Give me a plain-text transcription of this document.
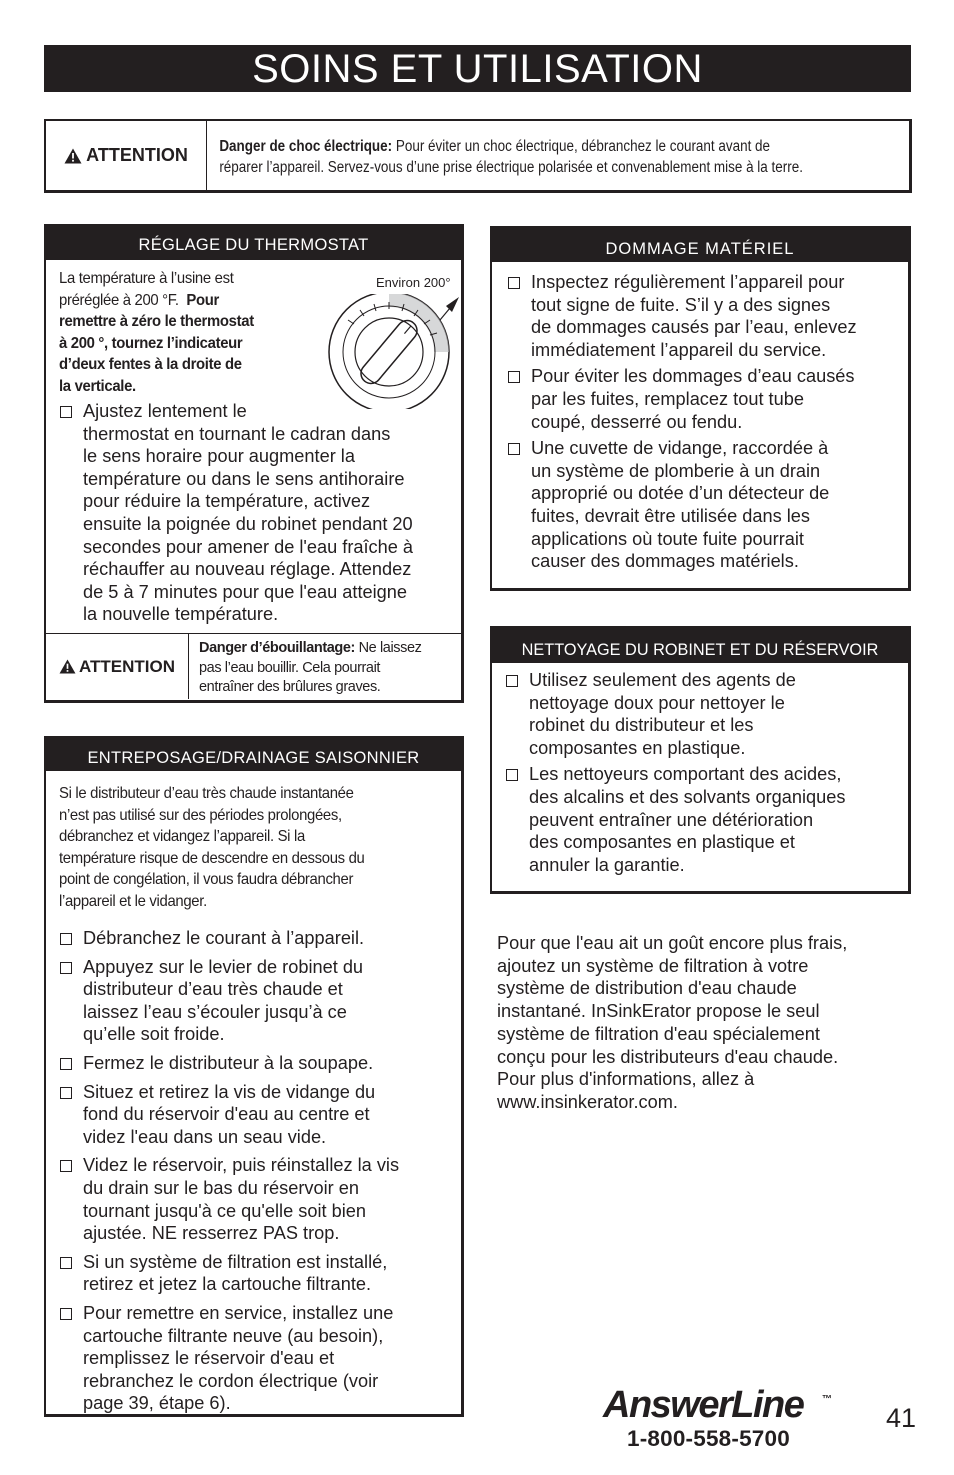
SOINS ET UTILISATION
ATTENTION	Danger de choc électrique: Pour éviter un choc électrique, débranchez le courant avant de réparer l’appareil. Servez-vous d’une prise électrique polarisée et convenablement mise à la terre.
RÉGLAGE DU THERMOSTAT
La température à l’usine est
préréglée à 200 °F. Pour
remettre à zéro le thermostat
à 200 °, tournez l’indicateur
d’deux fentes à la droite de
la verticale.
Environ 200°
Ajustez lentement le
thermostat en tournant le cadran dans
le sens horaire pour augmenter la
température ou dans le sens antihoraire
pour réduire la température, activez
ensuite la poignée du robinet pendant 20
secondes pour amener de l'eau fraîche à
réchauffer au nouveau réglage. Attendez
de 5 à 7 minutes pour que l'eau atteigne
la nouvelle température.
ATTENTION
Danger d’ébouillantage: Ne laissez
pas l’eau bouillir. Cela pourrait
entraîner des brûlures graves.
ENTREPOSAGE/DRAINAGE SAISONNIER
Si le distributeur d’eau très chaude instantanée
n’est pas utilisé sur des périodes prolongées,
débranchez et vidangez l’appareil. Si la
température risque de descendre en dessous du
point de congélation, il vous faudra débrancher
l’appareil et le vidanger.
Débranchez le courant à l’appareil.
Appuyez sur le levier de robinet du
distributeur d’eau très chaude et
laissez l’eau s’écouler jusqu’à ce
qu’elle soit froide.
Fermez le distributeur à la soupape.
Situez et retirez la vis de vidange du
fond du réservoir d'eau au centre et
videz l'eau dans un seau vide.
Videz le réservoir, puis réinstallez la vis
du drain sur le bas du réservoir en
tournant jusqu'à ce qu'elle soit bien
ajustée. NE resserrez PAS trop.
Si un système de filtration est installé,
retirez et jetez la cartouche filtrante.
Pour remettre en service, installez une
cartouche filtrante neuve (au besoin),
remplissez le réservoir d'eau et
rebranchez le cordon électrique (voir
page 39, étape 6).
DOMMAGE MATÉRIEL
Inspectez régulièrement l’appareil pour
tout signe de fuite. S’il y a des signes
de dommages causés par l’eau, enlevez
immédiatement l’appareil du service.
Pour éviter les dommages d’eau causés
par les fuites, remplacez tout tube
coupé, desserré ou fendu.
Une cuvette de vidange, raccordée à
un système de plomberie à un drain
approprié ou dotée d’un détecteur de
fuites, devrait être utilisée dans les
applications où toute fuite pourrait
causer des dommages matériels.
NETTOYAGE DU ROBINET ET DU RÉSERVOIR
Utilisez seulement des agents de
nettoyage doux pour nettoyer le
robinet du distributeur et les
composantes en plastique.
Les nettoyeurs comportant des acides,
des alcalins et des solvants organiques
peuvent entraîner une détérioration
des composantes en plastique et
annuler la garantie.
Pour que l'eau ait un goût encore plus frais,
ajoutez un système de filtration à votre
système de distribution d'eau chaude
instantané. InSinkErator propose le seul
système de filtration d'eau spécialement
conçu pour les distributeurs d'eau chaude.
Pour plus d'informations, allez à
www.insinkerator.com.
AnswerLine ™
1-800-558-5700
41
